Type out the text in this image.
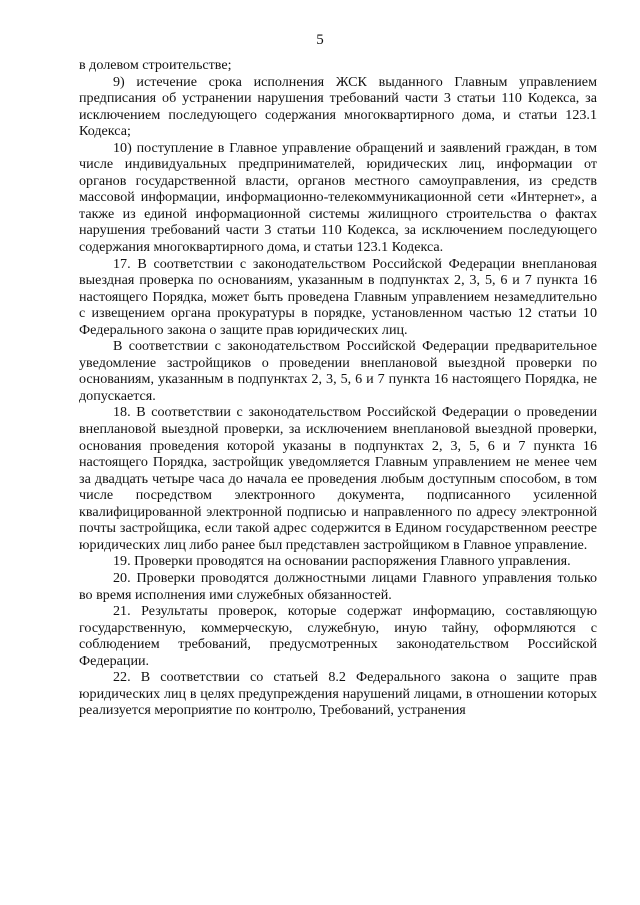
5

в долевом строительстве;

9) истечение срока исполнения ЖСК выданного Главным управлением предписания об устранении нарушения требований части 3 статьи 110 Кодекса, за исключением последующего содержания многоквартирного дома, и статьи 123.1 Кодекса;

10) поступление в Главное управление обращений и заявлений граждан, в том числе индивидуальных предпринимателей, юридических лиц, информации от органов государственной власти, органов местного самоуправления, из средств массовой информации, информационно-телекоммуникационной сети «Интернет», а также из единой информационной системы жилищного строительства о фактах нарушения требований части 3 статьи 110 Кодекса, за исключением последующего содержания многоквартирного дома, и статьи 123.1 Кодекса.

17. В соответствии с законодательством Российской Федерации внеплановая выездная проверка по основаниям, указанным в подпунктах 2, 3, 5, 6 и 7 пункта 16 настоящего Порядка, может быть проведена Главным управлением незамедлительно с извещением органа прокуратуры в порядке, установленном частью 12 статьи 10 Федерального закона о защите прав юридических лиц.

В соответствии с законодательством Российской Федерации предварительное уведомление застройщиков о проведении внеплановой выездной проверки по основаниям, указанным в подпунктах 2, 3, 5, 6 и 7 пункта 16 настоящего Порядка, не допускается.

18. В соответствии с законодательством Российской Федерации о проведении внеплановой выездной проверки, за исключением внеплановой выездной проверки, основания проведения которой указаны в подпунктах 2, 3, 5, 6 и 7 пункта 16 настоящего Порядка, застройщик уведомляется Главным управлением не менее чем за двадцать четыре часа до начала ее проведения любым доступным способом, в том числе посредством электронного документа, подписанного усиленной квалифицированной электронной подписью и направленного по адресу электронной почты застройщика, если такой адрес содержится в Едином государственном реестре юридических лиц либо ранее был представлен застройщиком в Главное управление.

19. Проверки проводятся на основании распоряжения Главного управления.

20. Проверки проводятся должностными лицами Главного управления только во время исполнения ими служебных обязанностей.

21. Результаты проверок, которые содержат информацию, составляющую государственную, коммерческую, служебную, иную тайну, оформляются с соблюдением требований, предусмотренных законодательством Российской Федерации.

22. В соответствии со статьей 8.2 Федерального закона о защите прав юридических лиц в целях предупреждения нарушений лицами, в отношении которых реализуется мероприятие по контролю, Требований, устранения
